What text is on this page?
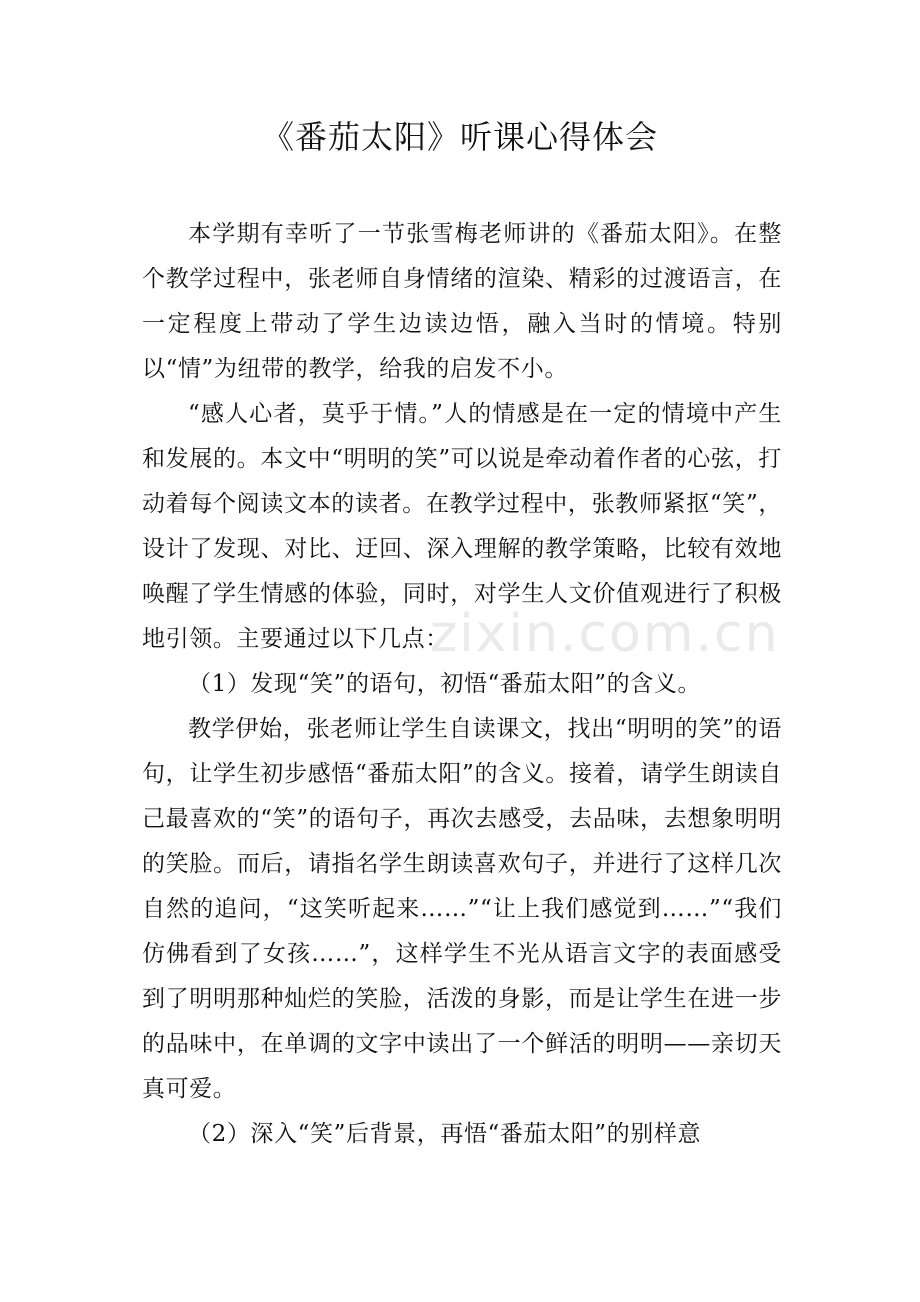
《番茄太阳》听课心得体会

本学期有幸听了一节张雪梅老师讲的《番茄太阳》。在整个教学过程中，张老师自身情绪的渲染、精彩的过渡语言，在一定程度上带动了学生边读边悟，融入当时的情境。特别以“情”为纽带的教学，给我的启发不小。

“感人心者，莫乎于情。”人的情感是在一定的情境中产生和发展的。本文中“明明的笑”可以说是牵动着作者的心弦，打动着每个阅读文本的读者。在教学过程中，张教师紧抠“笑”，设计了发现、对比、迂回、深入理解的教学策略，比较有效地唤醒了学生情感的体验，同时，对学生人文价值观进行了积极地引领。主要通过以下几点：

（1）发现“笑”的语句，初悟“番茄太阳”的含义。

教学伊始，张老师让学生自读课文，找出“明明的笑”的语句，让学生初步感悟“番茄太阳”的含义。接着，请学生朗读自己最喜欢的“笑”的语句子，再次去感受，去品味，去想象明明的笑脸。而后，请指名学生朗读喜欢句子，并进行了这样几次自然的追问，“这笑听起来……”“让上我们感觉到……”“我们仿佛看到了女孩……”，这样学生不光从语言文字的表面感受到了明明那种灿烂的笑脸，活泼的身影，而是让学生在进一步的品味中，在单调的文字中读出了一个鲜活的明明——亲切天真可爱。

（2）深入“笑”后背景，再悟“番茄太阳”的别样意

zixin.com.cn
